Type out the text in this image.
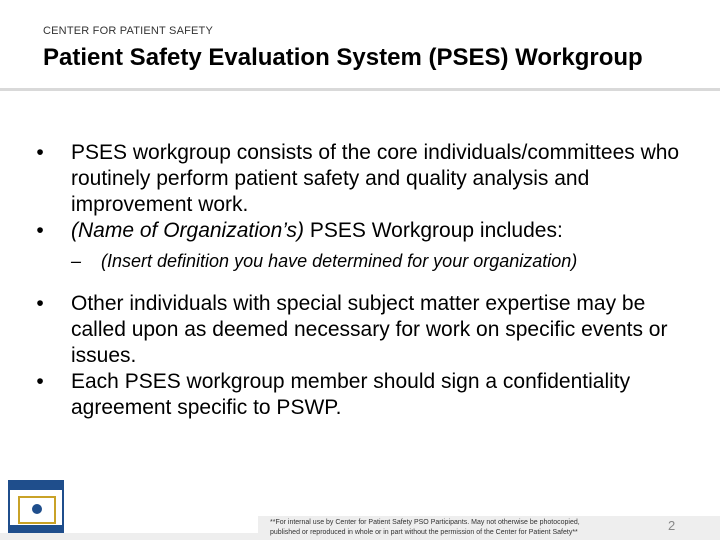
CENTER FOR PATIENT SAFETY
Patient Safety Evaluation System (PSES) Workgroup

•	PSES workgroup consists of the core individuals/committees who routinely perform patient safety and quality analysis and improvement work.

•	(Name of Organization’s) PSES Workgroup includes:

– (Insert definition you have determined for your organization)

•	Other individuals with special subject matter expertise may be called upon as deemed necessary for work on specific events or issues.

•	Each PSES workgroup member should sign a confidentiality agreement specific to PSWP.

**For internal use by Center for Patient Safety PSO Participants. May not otherwise be photocopied,
published or reproduced in whole or in part without the permission of the Center for Patient Safety**	2
